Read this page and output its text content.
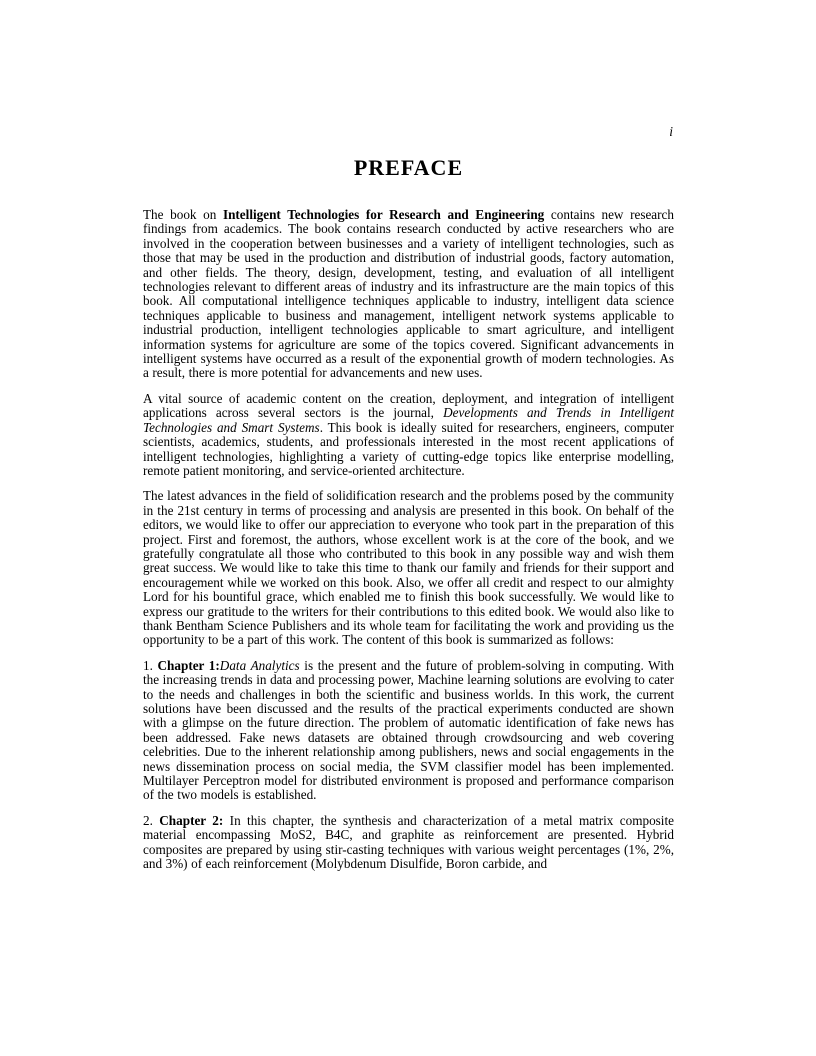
i
PREFACE

The book on Intelligent Technologies for Research and Engineering contains new research findings from academics. The book contains research conducted by active researchers who are involved in the cooperation between businesses and a variety of intelligent technologies, such as those that may be used in the production and distribution of industrial goods, factory automation, and other fields. The theory, design, development, testing, and evaluation of all intelligent technologies relevant to different areas of industry and its infrastructure are the main topics of this book. All computational intelligence techniques applicable to industry, intelligent data science techniques applicable to business and management, intelligent network systems applicable to industrial production, intelligent technologies applicable to smart agriculture, and intelligent information systems for agriculture are some of the topics covered. Significant advancements in intelligent systems have occurred as a result of the exponential growth of modern technologies. As a result, there is more potential for advancements and new uses.

A vital source of academic content on the creation, deployment, and integration of intelligent applications across several sectors is the journal, Developments and Trends in Intelligent Technologies and Smart Systems. This book is ideally suited for researchers, engineers, computer scientists, academics, students, and professionals interested in the most recent applications of intelligent technologies, highlighting a variety of cutting-edge topics like enterprise modelling, remote patient monitoring, and service-oriented architecture.

The latest advances in the field of solidification research and the problems posed by the community in the 21st century in terms of processing and analysis are presented in this book. On behalf of the editors, we would like to offer our appreciation to everyone who took part in the preparation of this project. First and foremost, the authors, whose excellent work is at the core of the book, and we gratefully congratulate all those who contributed to this book in any possible way and wish them great success. We would like to take this time to thank our family and friends for their support and encouragement while we worked on this book. Also, we offer all credit and respect to our almighty Lord for his bountiful grace, which enabled me to finish this book successfully. We would like to express our gratitude to the writers for their contributions to this edited book. We would also like to thank Bentham Science Publishers and its whole team for facilitating the work and providing us the opportunity to be a part of this work. The content of this book is summarized as follows:

1. Chapter 1:Data Analytics is the present and the future of problem-solving in computing. With the increasing trends in data and processing power, Machine learning solutions are evolving to cater to the needs and challenges in both the scientific and business worlds. In this work, the current solutions have been discussed and the results of the practical experiments conducted are shown with a glimpse on the future direction. The problem of automatic identification of fake news has been addressed. Fake news datasets are obtained through crowdsourcing and web covering celebrities. Due to the inherent relationship among publishers, news and social engagements in the news dissemination process on social media, the SVM classifier model has been implemented. Multilayer Perceptron model for distributed environment is proposed and performance comparison of the two models is established.

2. Chapter 2: In this chapter, the synthesis and characterization of a metal matrix composite material encompassing MoS2, B4C, and graphite as reinforcement are presented. Hybrid composites are prepared by using stir-casting techniques with various weight percentages (1%, 2%, and 3%) of each reinforcement (Molybdenum Disulfide, Boron carbide, and
